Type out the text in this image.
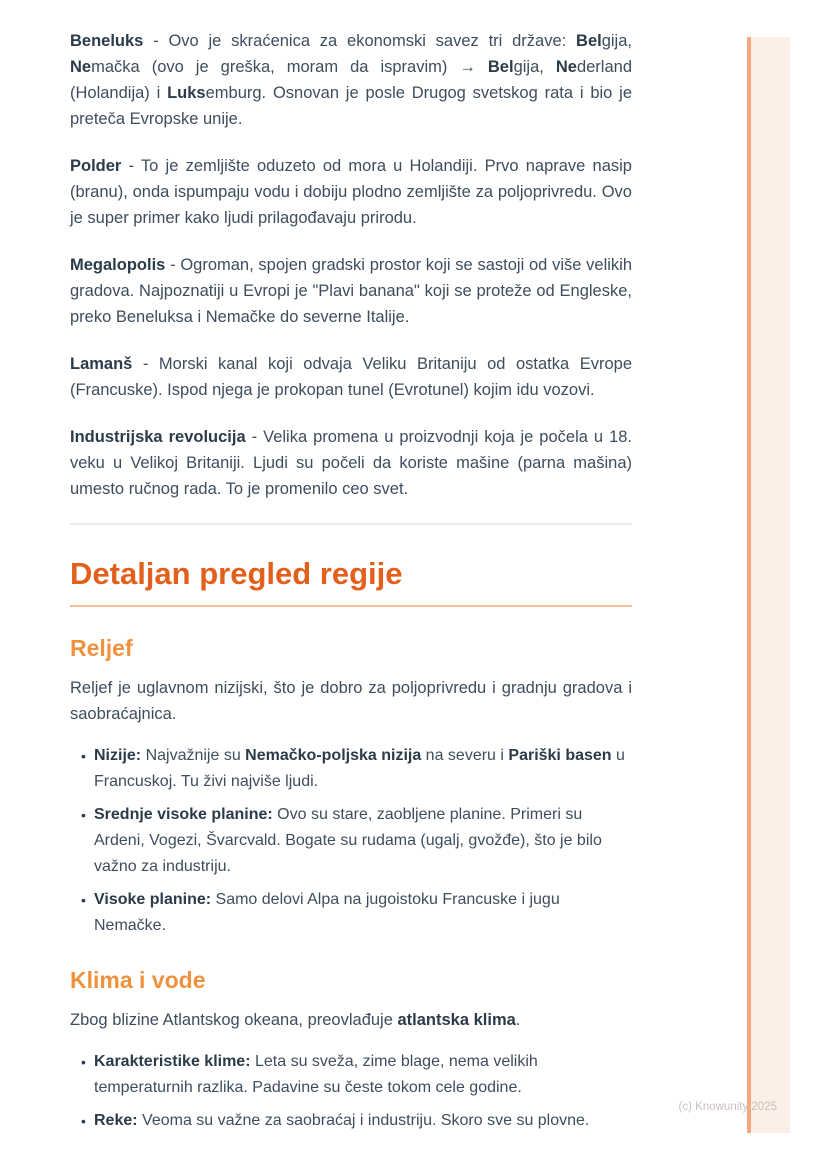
Beneluks - Ovo je skraćenica za ekonomski savez tri države: Belgija, Nemačka (ovo je greška, moram da ispravim) → Belgija, Nederland (Holandija) i Luksemburg. Osnovan je posle Drugog svetskog rata i bio je preteča Evropske unije.

Polder - To je zemljište oduzeto od mora u Holandiji. Prvo naprave nasip (branu), onda ispumpaju vodu i dobiju plodno zemljište za poljoprivredu. Ovo je super primer kako ljudi prilagođavaju prirodu.

Megalopolis - Ogroman, spojen gradski prostor koji se sastoji od više velikih gradova. Najpoznatiji u Evropi je "Plavi banana" koji se proteže od Engleske, preko Beneluksa i Nemačke do severne Italije.

Lamanš - Morski kanal koji odvaja Veliku Britaniju od ostatka Evrope (Francuske). Ispod njega je prokopan tunel (Evrotunel) kojim idu vozovi.

Industrijska revolucija - Velika promena u proizvodnji koja je počela u 18. veku u Velikoj Britaniji. Ljudi su počeli da koriste mašine (parna mašina) umesto ručnog rada. To je promenilo ceo svet.

Detaljan pregled regije
Reljef

Reljef je uglavnom nizijski, što je dobro za poljoprivredu i gradnju gradova i saobraćajnica.

• Nizije: Najvažnije su Nemačko-poljska nizija na severu i Pariški basen u Francuskoj. Tu živi najviše ljudi.
• Srednje visoke planine: Ovo su stare, zaobljene planine. Primeri su Ardeni, Vogezi, Švarcvald. Bogate su rudama (ugalj, gvožđe), što je bilo važno za industriju.
• Visoke planine: Samo delovi Alpa na jugoistoku Francuske i jugu Nemačke.
Klima i vode

Zbog blizine Atlantskog okeana, preovlađuje atlantska klima.

• Karakteristike klime: Leta su sveža, zime blage, nema velikih temperaturnih razlika. Padavine su česte tokom cele godine.
• Reke: Veoma su važne za saobraćaj i industriju. Skoro sve su plovne.
(c) Knowunity 2025
